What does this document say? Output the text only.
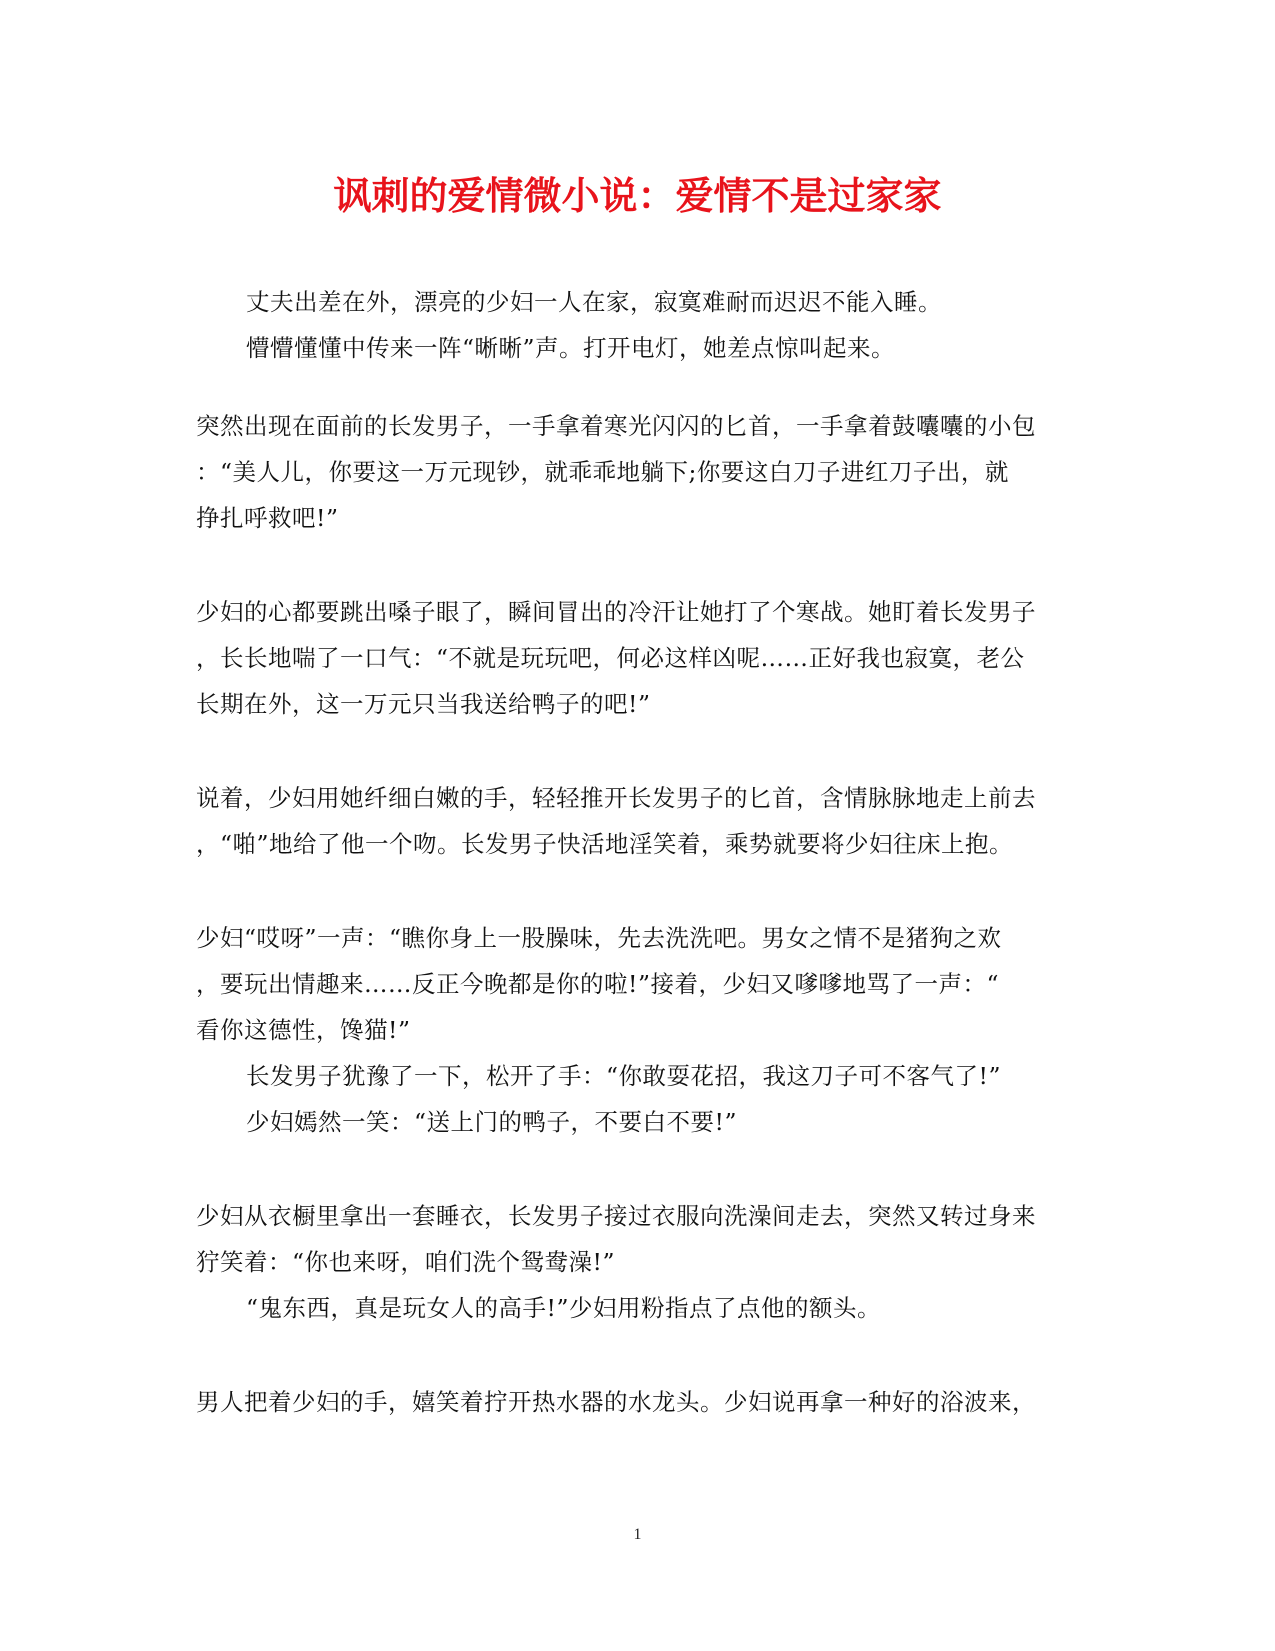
讽刺的爱情微小说：爱情不是过家家
丈夫出差在外，漂亮的少妇一人在家，寂寞难耐而迟迟不能入睡。
懵懵懂懂中传来一阵“晰晰”声。打开电灯，她差点惊叫起来。
突然出现在面前的长发男子，一手拿着寒光闪闪的匕首，一手拿着鼓囔囔的小包
：“美人儿，你要这一万元现钞，就乖乖地躺下;你要这白刀子进红刀子出，就
挣扎呼救吧!”
少妇的心都要跳出嗓子眼了，瞬间冒出的冷汗让她打了个寒战。她盯着长发男子
，长长地喘了一口气：“不就是玩玩吧，何必这样凶呢……正好我也寂寞，老公
长期在外，这一万元只当我送给鸭子的吧!”
说着，少妇用她纤细白嫩的手，轻轻推开长发男子的匕首，含情脉脉地走上前去
，“啪”地给了他一个吻。长发男子快活地淫笑着，乘势就要将少妇往床上抱。
少妇“哎呀”一声：“瞧你身上一股臊味，先去洗洗吧。男女之情不是猪狗之欢
，要玩出情趣来……反正今晚都是你的啦!”接着，少妇又嗲嗲地骂了一声：“
看你这德性，馋猫!”
长发男子犹豫了一下，松开了手：“你敢耍花招，我这刀子可不客气了!”
少妇嫣然一笑：“送上门的鸭子，不要白不要!”
少妇从衣橱里拿出一套睡衣，长发男子接过衣服向洗澡间走去，突然又转过身来
狞笑着：“你也来呀，咱们洗个鸳鸯澡!”
“鬼东西，真是玩女人的高手!”少妇用粉指点了点他的额头。
男人把着少妇的手，嬉笑着拧开热水器的水龙头。少妇说再拿一种好的浴波来，
1
